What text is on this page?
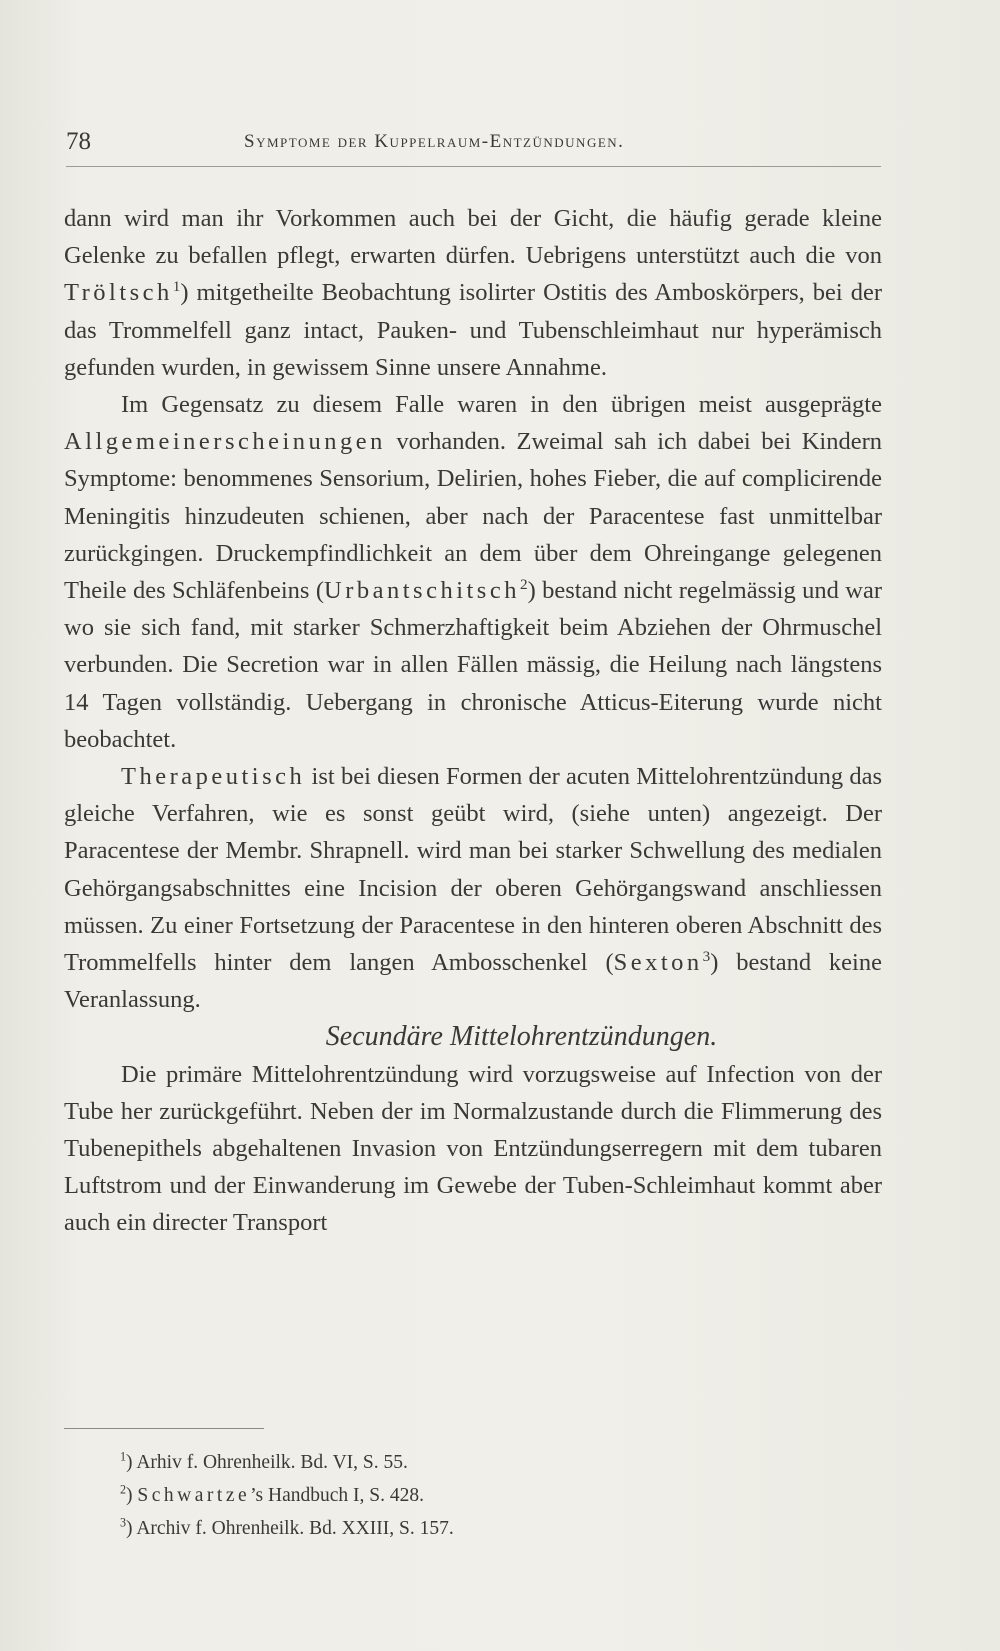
78	Symptome der Kuppelraum-Entzündungen.

dann wird man ihr Vorkommen auch bei der Gicht, die häufig gerade kleine Gelenke zu befallen pflegt, erwarten dürfen. Uebrigens unterstützt auch die von Tröltsch$^1$) mitgetheilte Beobachtung isolirter Ostitis des Amboskörpers, bei der das Trommelfell ganz intact, Pauken- und Tubenschleimhaut nur hyperämisch gefunden wurden, in gewissem Sinne unsere Annahme.

Im Gegensatz zu diesem Falle waren in den übrigen meist ausgeprägte Allgemeinerscheinungen vorhanden. Zweimal sah ich dabei bei Kindern Symptome: benommenes Sensorium, Delirien, hohes Fieber, die auf complicirende Meningitis hinzudeuten schienen, aber nach der Paracentese fast unmittelbar zurückgingen. Druckempfindlichkeit an dem über dem Ohreingange gelegenen Theile des Schläfenbeins (Urbantschitsch$^2$) bestand nicht regelmässig und war wo sie sich fand, mit starker Schmerzhaftigkeit beim Abziehen der Ohrmuschel verbunden. Die Secretion war in allen Fällen mässig, die Heilung nach längstens 14 Tagen vollständig. Uebergang in chronische Atticus-Eiterung wurde nicht beobachtet.

Therapeutisch ist bei diesen Formen der acuten Mittelohrentzündung das gleiche Verfahren, wie es sonst geübt wird, (siehe unten) angezeigt. Der Paracentese der Membr. Shrapnell. wird man bei starker Schwellung des medialen Gehörgangsabschnittes eine Incision der oberen Gehörgangswand anschliessen müssen. Zu einer Fortsetzung der Paracentese in den hinteren oberen Abschnitt des Trommelfells hinter dem langen Ambosschenkel (Sexton$^3$) bestand keine Veranlassung.

Secundäre Mittelohrentzündungen.

Die primäre Mittelohrentzündung wird vorzugsweise auf Infection von der Tube her zurückgeführt. Neben der im Normalzustande durch die Flimmerung des Tubenepithels abgehaltenen Invasion von Entzündungserregern mit dem tubaren Luftstrom und der Einwanderung im Gewebe der Tuben-Schleimhaut kommt aber auch ein directer Transport

$^1$) Arhiv f. Ohrenheilk. Bd. VI, S. 55.
$^2$) Schwartze’s Handbuch I, S. 428.
$^3$) Archiv f. Ohrenheilk. Bd. XXIII, S. 157.
